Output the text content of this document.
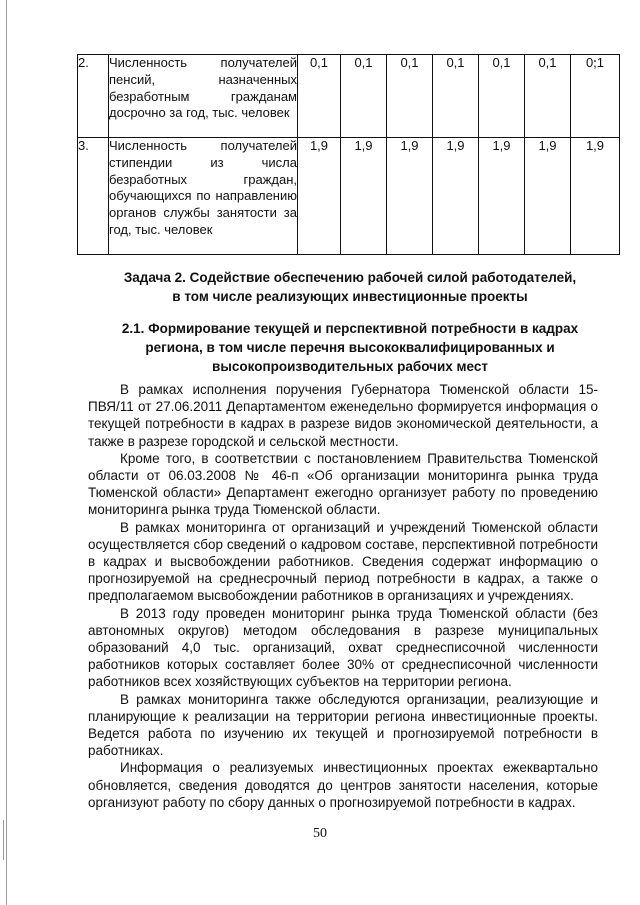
2.	Численность получателей пенсий, назначенных безработным гражданам досрочно за год, тыс. человек	0,1	0,1	0,1	0,1	0,1	0,1	0,1
3.	Численность получателей стипендии из числа безработных граждан, обучающихся по направлению органов службы занятости за год, тыс. человек	1,9	1,9	1,9	1,9	1,9	1,9	1,9
Задача 2. Содействие обеспечению рабочей силой работодателей,
в том числе реализующих инвестиционные проекты
2.1. Формирование текущей и перспективной потребности в кадрах
региона, в том числе перечня высококвалифицированных и
высокопроизводительных рабочих мест

В рамках исполнения поручения Губернатора Тюменской области 15-ПВЯ/11 от 27.06.2011 Департаментом еженедельно формируется информация о текущей потребности в кадрах в разрезе видов экономической деятельности, а также в разрезе городской и сельской местности.

Кроме того, в соответствии с постановлением Правительства Тюменской области от 06.03.2008 № 46-п «Об организации мониторинга рынка труда Тюменской области» Департамент ежегодно организует работу по проведению мониторинга рынка труда Тюменской области.

В рамках мониторинга от организаций и учреждений Тюменской области осуществляется сбор сведений о кадровом составе, перспективной потребности в кадрах и высвобождении работников. Сведения содержат информацию о прогнозируемой на среднесрочный период потребности в кадрах, а также о предполагаемом высвобождении работников в организациях и учреждениях.

В 2013 году проведен мониторинг рынка труда Тюменской области (без автономных округов) методом обследования в разрезе муниципальных образований 4,0 тыс. организаций, охват среднесписочной численности работников которых составляет более 30% от среднесписочной численности работников всех хозяйствующих субъектов на территории региона.

В рамках мониторинга также обследуются организации, реализующие и планирующие к реализации на территории региона инвестиционные проекты. Ведется работа по изучению их текущей и прогнозируемой потребности в работниках.

Информация о реализуемых инвестиционных проектах ежеквартально обновляется, сведения доводятся до центров занятости населения, которые организуют работу по сбору данных о прогнозируемой потребности в кадрах.

50
